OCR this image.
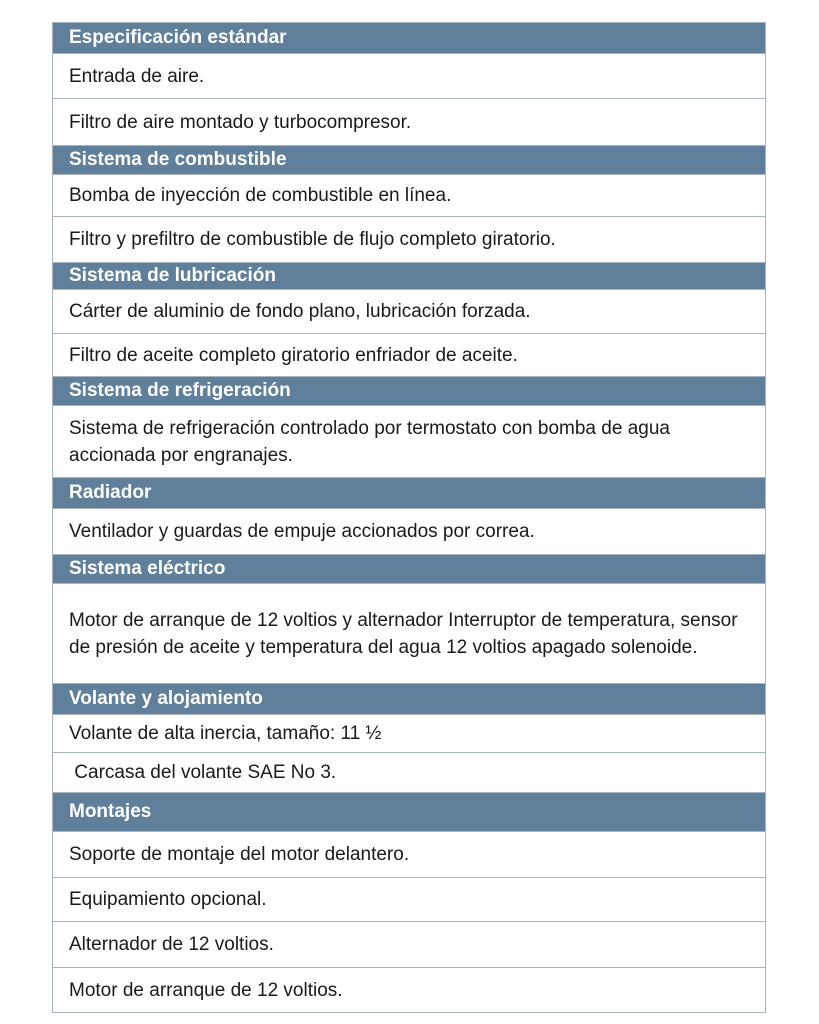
Especificación estándar
Entrada de aire.
Filtro de aire montado y turbocompresor.
Sistema de combustible
Bomba de inyección de combustible en línea.
Filtro y prefiltro de combustible de flujo completo giratorio.
Sistema de lubricación
Cárter de aluminio de fondo plano, lubricación forzada.
Filtro de aceite completo giratorio enfriador de aceite.
Sistema de refrigeración
Sistema de refrigeración controlado por termostato con bomba de agua accionada por engranajes.
Radiador
Ventilador y guardas de empuje accionados por correa.
Sistema eléctrico
Motor de arranque de 12 voltios y alternador Interruptor de temperatura, sensor de presión de aceite y temperatura del agua 12 voltios apagado solenoide.
Volante y alojamiento
Volante de alta inercia, tamaño: 11 ½
Carcasa del volante SAE No 3.
Montajes
Soporte de montaje del motor delantero.
Equipamiento opcional.
Alternador de 12 voltios.
Motor de arranque de 12 voltios.
